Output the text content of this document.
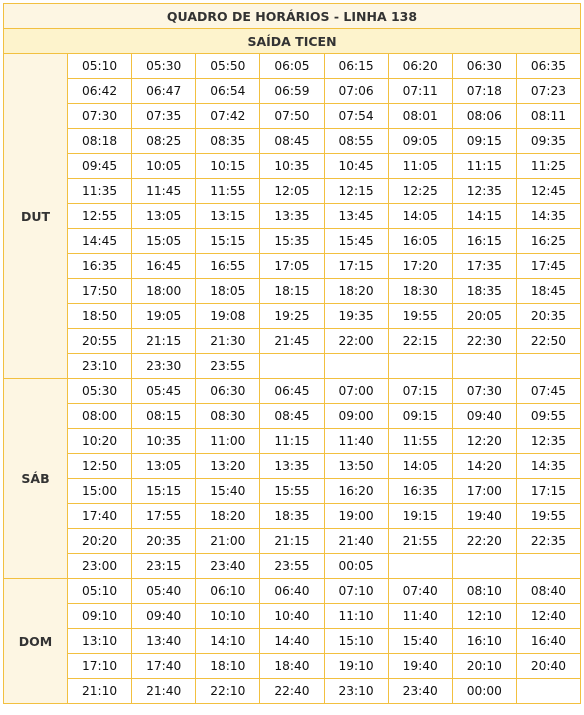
QUADRO DE HORÁRIOS - LINHA 138								
SAÍDA TICEN								
DUT	05:10	05:30	05:50	06:05	06:15	06:20	06:30	06:35
	06:42	06:47	06:54	06:59	07:06	07:11	07:18	07:23
	07:30	07:35	07:42	07:50	07:54	08:01	08:06	08:11
	08:18	08:25	08:35	08:45	08:55	09:05	09:15	09:35
	09:45	10:05	10:15	10:35	10:45	11:05	11:15	11:25
	11:35	11:45	11:55	12:05	12:15	12:25	12:35	12:45
	12:55	13:05	13:15	13:35	13:45	14:05	14:15	14:35
	14:45	15:05	15:15	15:35	15:45	16:05	16:15	16:25
	16:35	16:45	16:55	17:05	17:15	17:20	17:35	17:45
	17:50	18:00	18:05	18:15	18:20	18:30	18:35	18:45
	18:50	19:05	19:08	19:25	19:35	19:55	20:05	20:35
	20:55	21:15	21:30	21:45	22:00	22:15	22:30	22:50
	23:10	23:30	23:55					
SÁB	05:30	05:45	06:30	06:45	07:00	07:15	07:30	07:45
	08:00	08:15	08:30	08:45	09:00	09:15	09:40	09:55
	10:20	10:35	11:00	11:15	11:40	11:55	12:20	12:35
	12:50	13:05	13:20	13:35	13:50	14:05	14:20	14:35
	15:00	15:15	15:40	15:55	16:20	16:35	17:00	17:15
	17:40	17:55	18:20	18:35	19:00	19:15	19:40	19:55
	20:20	20:35	21:00	21:15	21:40	21:55	22:20	22:35
	23:00	23:15	23:40	23:55	00:05			
DOM	05:10	05:40	06:10	06:40	07:10	07:40	08:10	08:40
	09:10	09:40	10:10	10:40	11:10	11:40	12:10	12:40
	13:10	13:40	14:10	14:40	15:10	15:40	16:10	16:40
	17:10	17:40	18:10	18:40	19:10	19:40	20:10	20:40
	21:10	21:40	22:10	22:40	23:10	23:40	00:00	
